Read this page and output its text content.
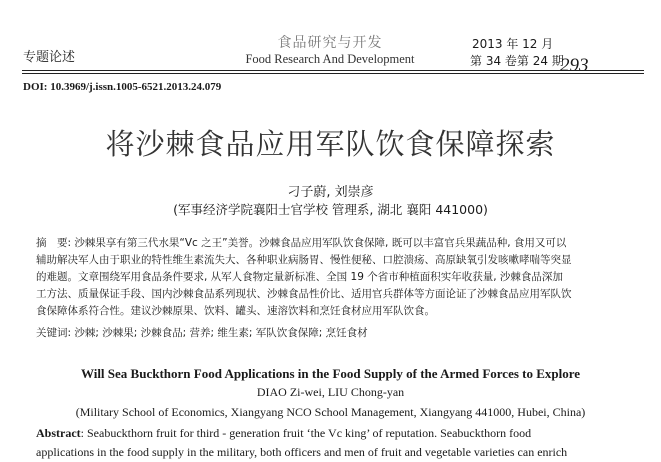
专题论述
食品研究与开发
Food Research And Development
2013 年 12 月
第 34 卷第 24 期
293
DOI: 10.3969/j.issn.1005-6521.2013.24.079
将沙棘食品应用军队饮食保障探索
刁子蔚, 刘崇彦
(军事经济学院襄阳士官学校 管理系, 湖北 襄阳 441000)
摘　要: 沙棘果享有第三代水果“Vc 之王”美誉。沙棘食品应用军队饮食保障, 既可以丰富官兵果蔬品种, 食用又可以
辅助解决军人由于职业的特性维生素流失大、各种职业病肠胃、慢性便秘、口腔溃疡、高原缺氧引发咳嗽哮喘等突显
的难题。文章围绕军用食品条件要求, 从军人食物定量新标准、全国 19 个省市种植面积实年收获量, 沙棘食品深加
工方法、质量保证手段、国内沙棘食品系列现状、沙棘食品性价比、适用官兵群体等方面论证了沙棘食品应用军队饮
食保障体系符合性。建议沙棘原果、饮料、罐头、速溶饮料和烹饪食材应用军队饮食。
关键词: 沙棘; 沙棘果; 沙棘食品; 营养; 维生素; 军队饮食保障; 烹饪食材
Will Sea Buckthorn Food Applications in the Food Supply of the Armed Forces to Explore
DIAO Zi-wei, LIU Chong-yan
(Military School of Economics, Xiangyang NCO School Management, Xiangyang 441000, Hubei, China)
Abstract: Seabuckthorn fruit for third - generation fruit ‘the Vc king’ of reputation. Seabuckthorn food
applications in the food supply in the military, both officers and men of fruit and vegetable varieties can enrich
